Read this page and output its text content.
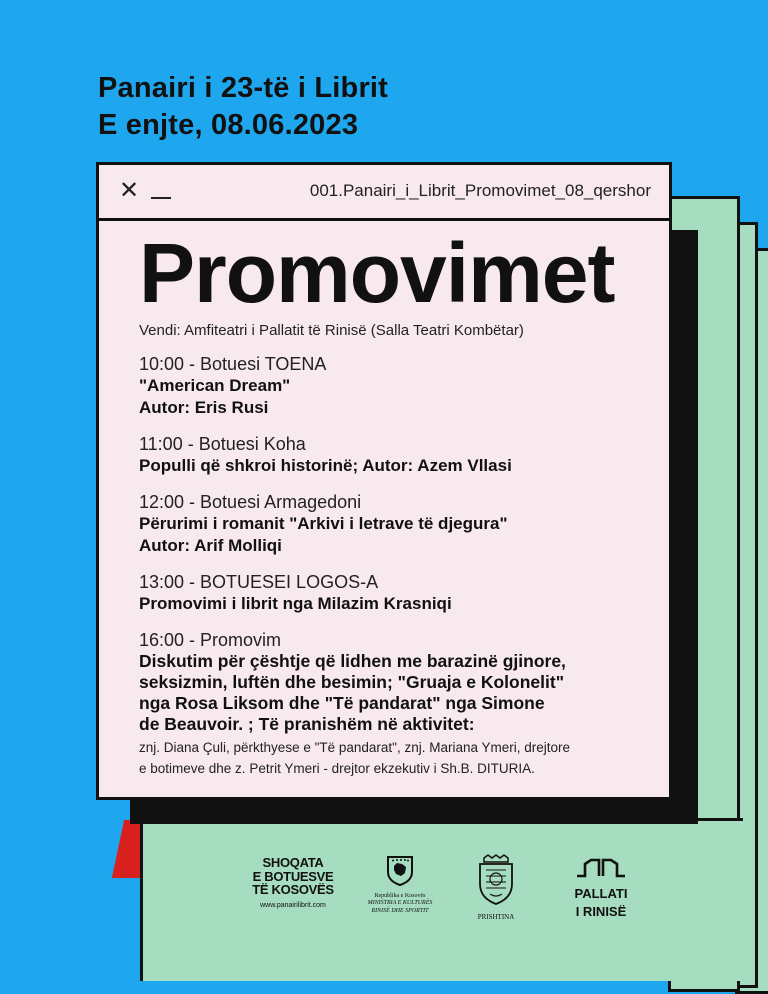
Panairi i 23-të i Librit
E enjte, 08.06.2023
✕	001.Panairi_i_Librit_Promovimet_08_qershor
Promovimet
Vendi: Amfiteatri i Pallatit të Rinisë (Salla Teatri Kombëtar)
10:00 - Botuesi TOENA
"American Dream"
Autor: Eris Rusi
11:00 - Botuesi Koha
Populli që shkroi historinë; Autor: Azem Vllasi
12:00 - Botuesi Armagedoni
Përurimi i romanit "Arkivi i letrave të djegura"
Autor: Arif Molliqi
13:00 - BOTUESEI LOGOS-A
Promovimi i librit nga Milazim Krasniqi
16:00 - Promovim
Diskutim për çështje që lidhen me barazinë gjinore,
seksizmin, luftën dhe besimin; "Gruaja e Kolonelit"
nga Rosa Liksom dhe "Të pandarat" nga Simone
de Beauvoir. ; Të pranishëm në aktivitet:
znj. Diana Çuli, përkthyese e "Të pandarat", znj. Mariana Ymeri, drejtore
e botimeve dhe z. Petrit Ymeri - drejtor ekzekutiv i Sh.B. DITURIA.
SHOQATA
E BOTUESVE
TË KOSOVËS
www.panairilibrit.com
Republika e Kosovës
MINISTRIA E KULTURËS
RINISË DHE SPORTIT
PRISHTINA
PALLATI
I RINISË
